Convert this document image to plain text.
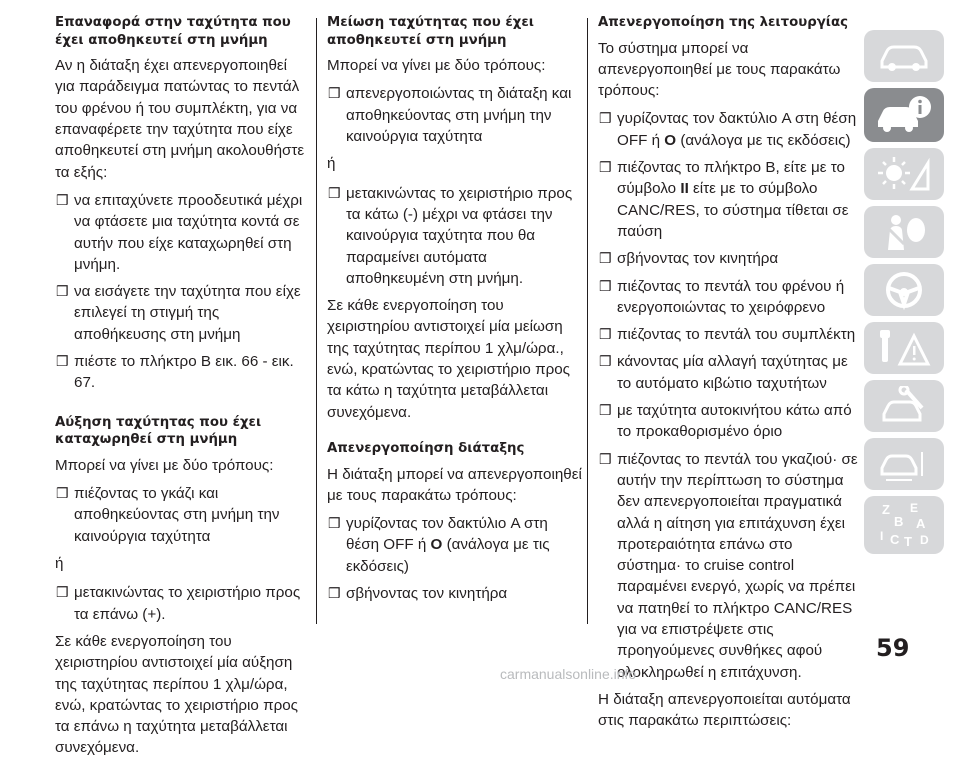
Επαναφορά στην ταχύτητα που έχει αποθηκευτεί στη μνήμη

Αν η διάταξη έχει απενεργοποιηθεί για παράδειγμα πατώντας το πεντάλ του φρένου ή του συμπλέκτη, για να επαναφέρετε την ταχύτητα που είχε αποθηκευτεί στη μνήμη ακολουθήστε τα εξής:

❒ να επιταχύνετε προοδευτικά μέχρι να φτάσετε μια ταχύτητα κοντά σε αυτήν που είχε καταχωρηθεί στη μνήμη.
❒ να εισάγετε την ταχύτητα που είχε επιλεγεί τη στιγμή της αποθήκευσης στη μνήμη
❒ πιέστε το πλήκτρο B εικ. 66 - εικ. 67.
Αύξηση ταχύτητας που έχει καταχωρηθεί στη μνήμη

Μπορεί να γίνει με δύο τρόπους:

❒ πιέζοντας το γκάζι και αποθηκεύοντας στη μνήμη την καινούργια ταχύτητα

ή

❒ μετακινώντας το χειριστήριο προς τα επάνω (+).

Σε κάθε ενεργοποίηση του χειριστηρίου αντιστοιχεί μία αύξηση της ταχύτητας περίπου 1 χλμ/ώρα, ενώ, κρατώντας το χειριστήριο προς τα επάνω η ταχύτητα μεταβάλλεται συνεχόμενα.

Μείωση ταχύτητας που έχει αποθηκευτεί στη μνήμη

Μπορεί να γίνει με δύο τρόπους:

❒ απενεργοποιώντας τη διάταξη και αποθηκεύοντας στη μνήμη την καινούργια ταχύτητα

ή

❒ μετακινώντας το χειριστήριο προς τα κάτω (-) μέχρι να φτάσει την καινούργια ταχύτητα που θα παραμείνει αυτόματα αποθηκευμένη στη μνήμη.

Σε κάθε ενεργοποίηση του χειριστηρίου αντιστοιχεί μία μείωση της ταχύτητας περίπου 1 χλμ/ώρα., ενώ, κρατώντας το χειριστήριο προς τα κάτω η ταχύτητα μεταβάλλεται συνεχόμενα.

Απενεργοποίηση διάταξης

Η διάταξη μπορεί να απενεργοποιηθεί με τους παρακάτω τρόπους:

❒ γυρίζοντας τον δακτύλιο A στη θέση OFF ή O (ανάλογα με τις εκδόσεις)
❒ σβήνοντας τον κινητήρα
Απενεργοποίηση της λειτουργίας

Το σύστημα μπορεί να απενεργοποιηθεί με τους παρακάτω τρόπους:

❒ γυρίζοντας τον δακτύλιο A στη θέση OFF ή O (ανάλογα με τις εκδόσεις)
❒ πιέζοντας το πλήκτρο B, είτε με το σύμβολο II είτε με το σύμβολο CANC/RES, το σύστημα τίθεται σε παύση
❒ σβήνοντας τον κινητήρα
❒ πιέζοντας το πεντάλ του φρένου ή ενεργοποιώντας το χειρόφρενο
❒ πιέζοντας το πεντάλ του συμπλέκτη
❒ κάνοντας μία αλλαγή ταχύτητας με το αυτόματο κιβώτιο ταχυτήτων
❒ με ταχύτητα αυτοκινήτου κάτω από το προκαθορισμένο όριο
❒ πιέζοντας το πεντάλ του γκαζιού· σε αυτήν την περίπτωση το σύστημα δεν απενεργοποιείται πραγματικά αλλά η αίτηση για επιτάχυνση έχει προτεραιότητα επάνω στο σύστημα· το cruise control παραμένει ενεργό, χωρίς να πρέπει να πατηθεί το πλήκτρο CANC/RES για να επιστρέψετε στις προηγούμενες συνθήκες αφού ολοκληρωθεί η επιτάχυνση.

Η διάταξη απενεργοποιείται αυτόματα στις παρακάτω περιπτώσεις:

Z E
B A
I C T D
59
carmanualsonline.info
